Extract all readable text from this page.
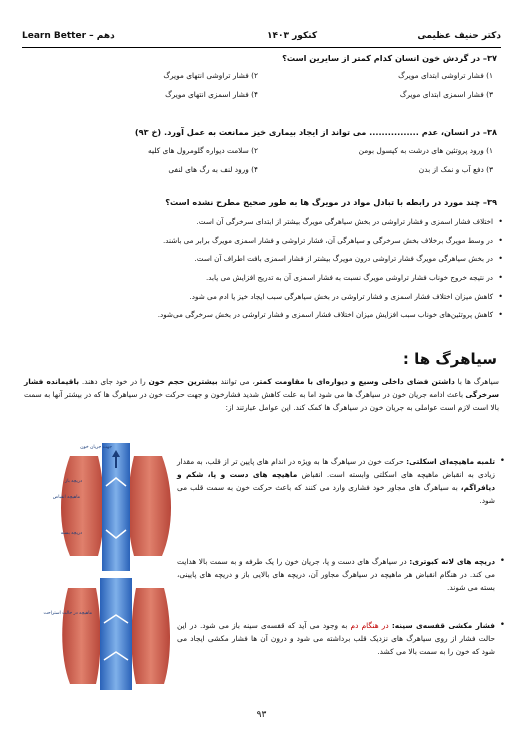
دکتر حنیف عظیمی
کنکور ۱۴۰۳
Learn Better – دهم
۳۷– در گردش خون انسان کدام کمتر از سایرین است؟
۱) فشار تراوشی ابتدای مویرگ
۲) فشار تراوشی انتهای مویرگ
۳) فشار اسمزی ابتدای مویرگ
۴) فشار اسمزی انتهای مویرگ
۳۸– در انسان، عدم ................ می تواند از ایجاد بیماری خیز ممانعت به عمل آورد. (خ ۹۳)
۱) ورود پروتئین های درشت به کپسول بومن
۲) سلامت دیواره گلومرول های کلیه
۳) دفع آب و نمک از بدن
۴) ورود لنف به رگ های لنفی
۳۹– چند مورد در رابطه با تبادل مواد در مویرگ ها به طور صحیح مطرح نشده است؟
• اختلاف فشار اسمزی و فشار تراوشی در بخش سیاهرگی مویرگ بیشتر از ابتدای سرخرگی آن است.
• در وسط مویرگ برخلاف بخش سرخرگی و سیاهرگی آن، فشار تراوشی و فشار اسمزی مویرگ برابر می باشند.
• در بخش سیاهرگی مویرگ فشار تراوشی درون مویرگ بیشتر از فشار اسمزی بافت اطراف آن است.
• در نتیجه خروج خوناب فشار تراوشی مویرگ نسبت به فشار اسمزی آن به تدریج افزایش می یابد.
• کاهش میزان اختلاف فشار اسمزی و فشار تراوشی در بخش سیاهرگی سبب ایجاد خیز یا ادم می شود.
• کاهش پروتئین‌های خوناب سبب افزایش میزان اختلاف فشار اسمزی و فشار تراوشی در بخش سرخرگی می‌شود.
سیاهرگ ها :
سیاهرگ ها با داشتن فضای داخلی وسیع و دیواره‌ای با مقاومت کمتر، می توانند بیشترین حجم خون را در خود جای دهند. باقیمانده فشار سرخرگی باعث ادامه جریان خون در سیاهرگ ها می شود اما به علت کاهش شدید فشارخون و جهت حرکت خون در سیاهرگ ها که در بیشتر آنها به سمت بالا است لازم است عواملی به جریان خون در سیاهرگ ها کمک کند. این عوامل عبارتند از:
•
تلمبه ماهیچه‌ای اسکلتی: حرکت خون در سیاهرگ ها به ویژه در اندام های پایین تر از قلب، به مقدار زیادی به انقباض ماهیچه های اسکلتی وابسته است. انقباض ماهیچه های دست و پا، شکم و دیافراگم، به سیاهرگ های مجاور خود فشاری وارد می کنند که باعث حرکت خون به سمت قلب می شود.
•
دریچه های لانه کبوتری: در سیاهرگ های دست و پا، جریان خون را یک طرفه و به سمت بالا هدایت می کند. در هنگام انقباض هر ماهیچه در سیاهرگ مجاور آن، دریچه های بالایی باز و دریچه های پایینی، بسته می شوند.
•
فشار مکشی قفسه‌ی سینه: در هنگام دم به وجود می آید که قفسه‌ی سینه باز می شود. در این حالت فشار از روی سیاهرگ های نزدیک قلب برداشته می شود و درون آن ها فشار مکشی ایجاد می شود که خون را به سمت بالا می کشد.
جهت جریان خون
ماهیچه انقباض
دریچه باز
دریچه بسته
ماهیچه در حالت استراحت
۹۳
